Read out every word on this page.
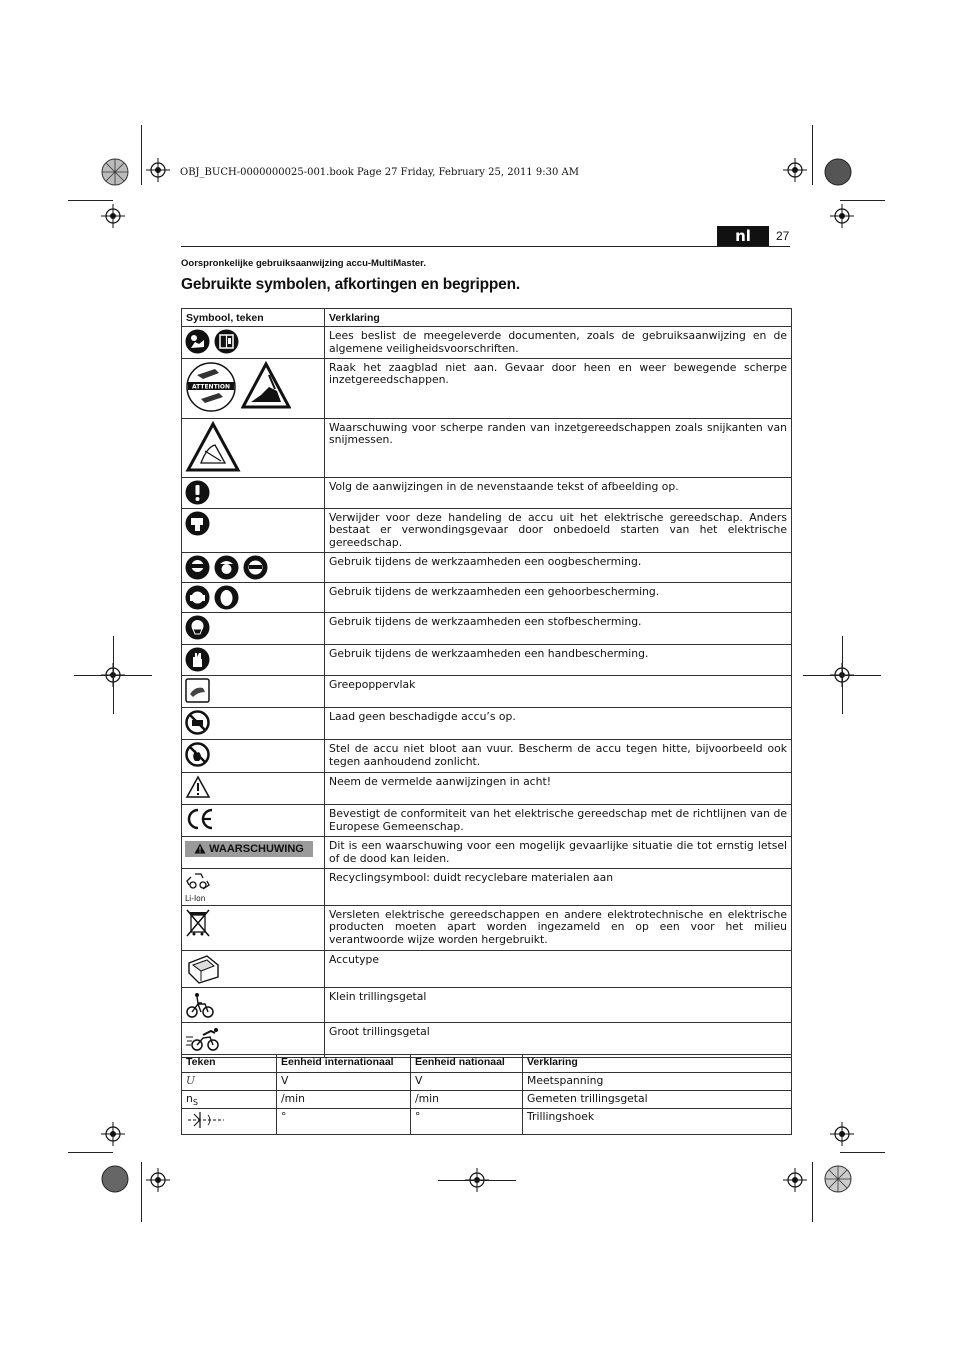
OBJ_BUCH-0000000025-001.book Page 27 Friday, February 25, 2011 9:30 AM
nl	27
Oorspronkelijke gebruiksaanwijzing accu-MultiMaster.
Gebruikte symbolen, afkortingen en begrippen.
Symbool, teken	Verklaring

	Lees beslist de meegeleverde documenten, zoals de gebruiksaanwijzing en de algemene veiligheidsvoorschriften.

ATTENTION	Raak het zaagblad niet aan. Gevaar door heen en weer bewegende scherpe inzetgereedschappen.

	Waarschuwing voor scherpe randen van inzetgereedschappen zoals snijkanten van snijmessen.

	Volg de aanwijzingen in de nevenstaande tekst of afbeelding op.

	Verwijder voor deze handeling de accu uit het elektrische gereedschap. Anders bestaat er verwondingsgevaar door onbedoeld starten van het elektrische gereedschap.

	Gebruik tijdens de werkzaamheden een oogbescherming.

	Gebruik tijdens de werkzaamheden een gehoorbescherming.

	Gebruik tijdens de werkzaamheden een stofbescherming.

	Gebruik tijdens de werkzaamheden een handbescherming.

	Greepoppervlak

	Laad geen beschadigde accu’s op.

	Stel de accu niet bloot aan vuur. Bescherm de accu tegen hitte, bijvoorbeeld ook tegen aanhoudend zonlicht.

	Neem de vermelde aanwijzingen in acht!

	Bevestigt de conformiteit van het elektrische gereedschap met de richtlijnen van de Europese Gemeenschap.

WAARSCHUWING	Dit is een waarschuwing voor een mogelijk gevaarlijke situatie die tot ernstig letsel of de dood kan leiden.

Li-Ion	Recyclingsymbool: duidt recyclebare materialen aan

	Versleten elektrische gereedschappen en andere elektrotechnische en elektrische producten moeten apart worden ingezameld en op een voor het milieu verantwoorde wijze worden hergebruikt.

	Accutype

	Klein trillingsgetal

	Groot trillingsgetal
Teken	Eenheid internationaal	Eenheid nationaal	Verklaring
U	V	V	Meetspanning
$n_S$	/min	/min	Gemeten trillingsgetal
	°	°	Trillingshoek
